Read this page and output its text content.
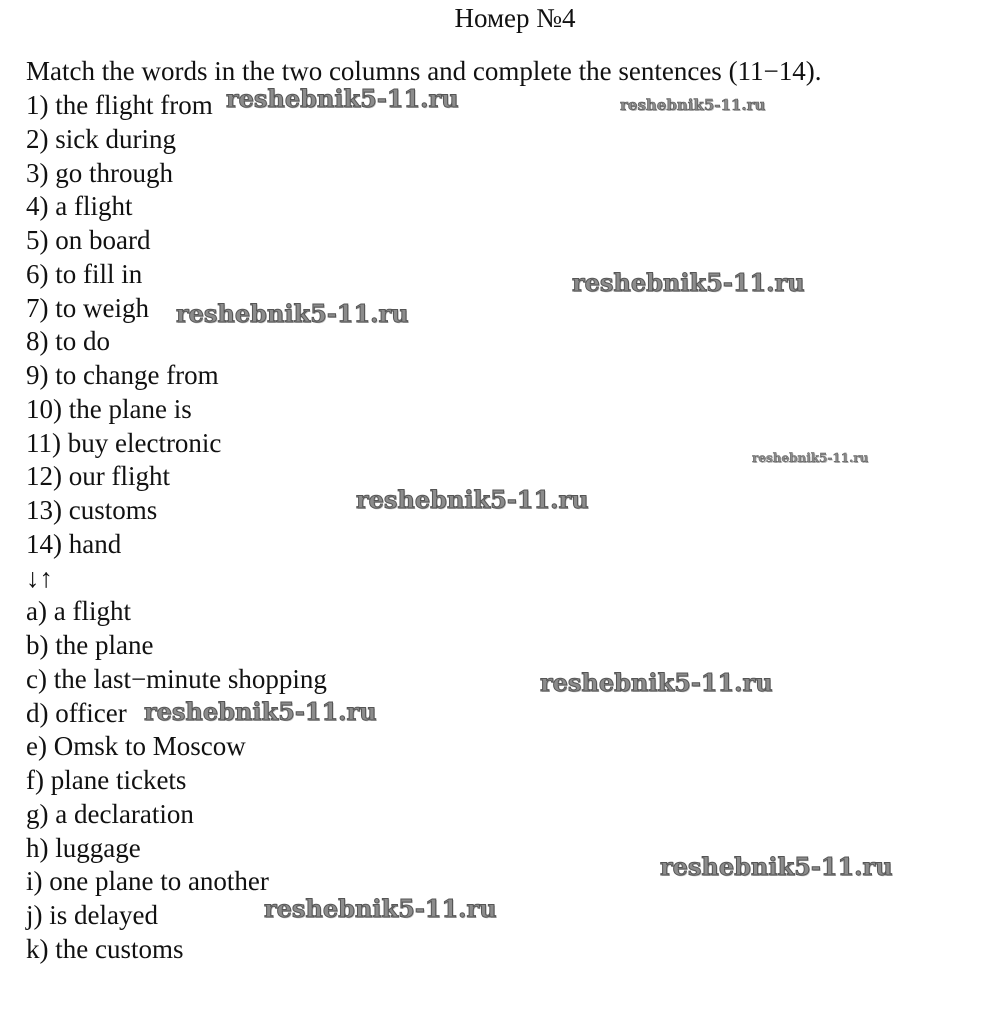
Номер №4
Match the words in the two columns and complete the sentences (11−14).
1) the flight from
2) sick during
3) go through
4) a flight
5) on board
6) to fill in
7) to weigh
8) to do
9) to change from
10) the plane is
11) buy electronic
12) our flight
13) customs
14) hand
↓↑
a) a flight
b) the plane
c) the last−minute shopping
d) officer
e) Omsk to Moscow
f) plane tickets
g) a declaration
h) luggage
i) one plane to another
j) is delayed
k) the customs
reshebnik5-11.ru	reshebnik5-11.ru
reshebnik5-11.ru
reshebnik5-11.ru
reshebnik5-11.ru
reshebnik5-11.ru
reshebnik5-11.ru
reshebnik5-11.ru
reshebnik5-11.ru
reshebnik5-11.ru
